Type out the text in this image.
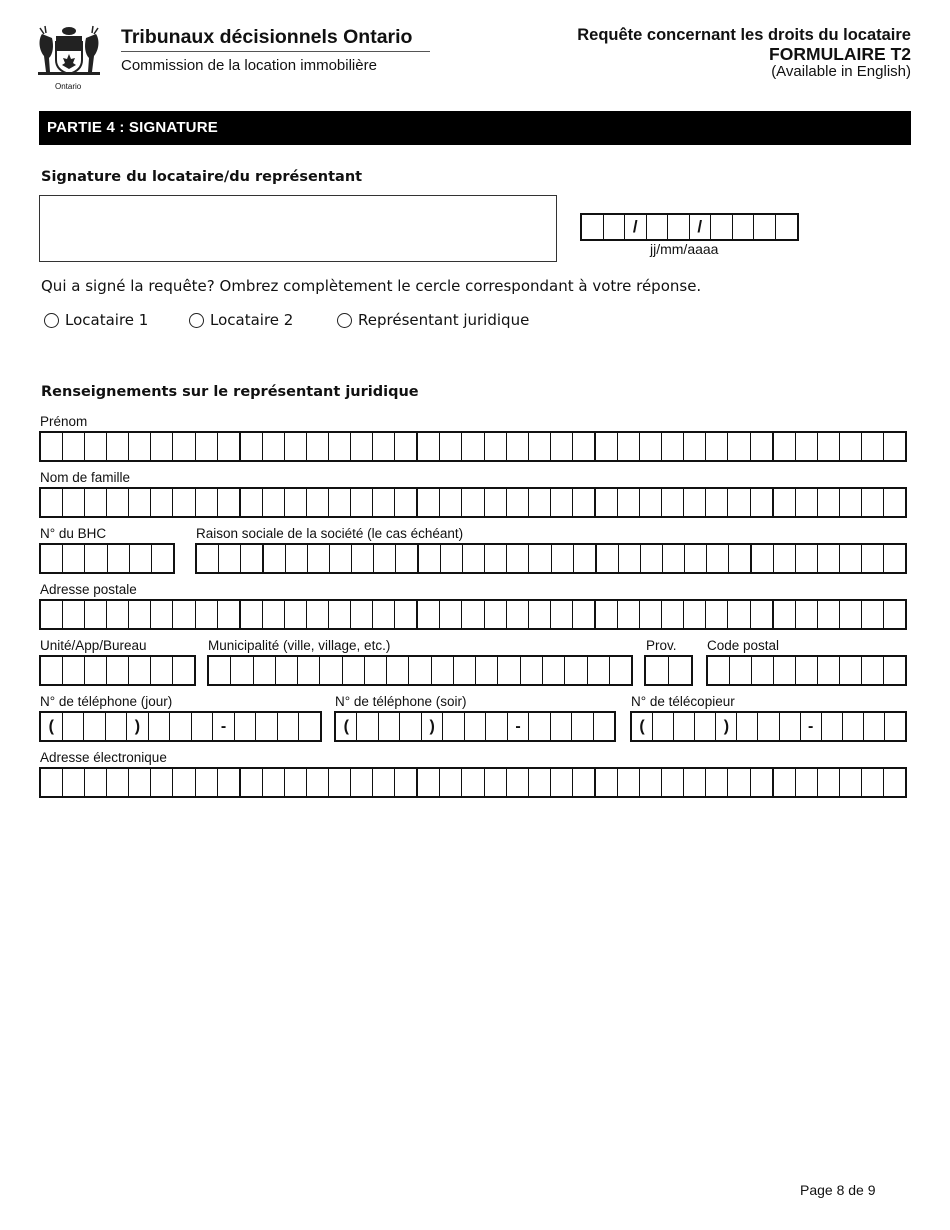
Ontario
Tribunaux décisionnels Ontario
Commission de la location immobilière
Requête concernant les droits du locataire
FORMULAIRE T2
(Available in English)
PARTIE 4 : SIGNATURE
Signature du locataire/du représentant
/	/
jj/mm/aaaa
Qui a signé la requête? Ombrez complètement le cercle correspondant à votre réponse.
Locataire 1	Locataire 2	Représentant juridique
Renseignements sur le représentant juridique
Prénom
Nom de famille
N° du BHC	Raison sociale de la société (le cas échéant)
Adresse postale
Unité/App/Bureau	Municipalité (ville, village, etc.)	Prov. Code postal
N° de téléphone (jour)
(	)	-
N° de téléphone (soir)
(	)	-
N° de télécopieur
(	)	-
Adresse électronique
Page 8 de 9
